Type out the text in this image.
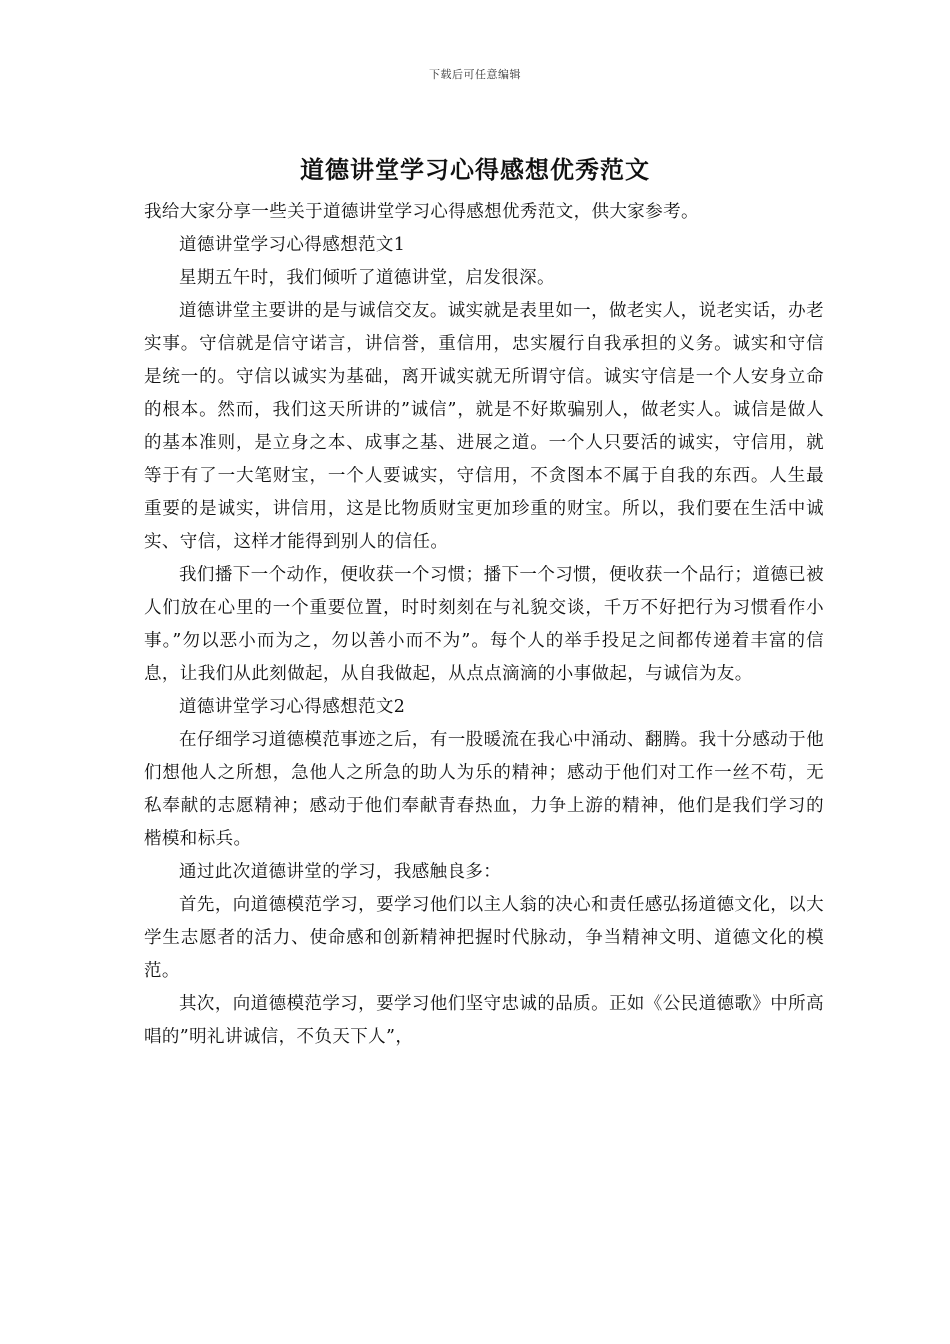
下载后可任意编辑
道德讲堂学习心得感想优秀范文

我给大家分享一些关于道德讲堂学习心得感想优秀范文，供大家参考。

道德讲堂学习心得感想范文1

星期五午时，我们倾听了道德讲堂，启发很深。

道德讲堂主要讲的是与诚信交友。诚实就是表里如一，做老实人，说老实话，办老实事。守信就是信守诺言，讲信誉，重信用，忠实履行自我承担的义务。诚实和守信是统一的。守信以诚实为基础，离开诚实就无所谓守信。诚实守信是一个人安身立命的根本。然而，我们这天所讲的”诚信”，就是不好欺骗别人，做老实人。诚信是做人的基本准则，是立身之本、成事之基、进展之道。一个人只要活的诚实，守信用，就等于有了一大笔财宝，一个人要诚实，守信用，不贪图本不属于自我的东西。人生最重要的是诚实，讲信用，这是比物质财宝更加珍重的财宝。所以，我们要在生活中诚实、守信，这样才能得到别人的信任。

我们播下一个动作，便收获一个习惯；播下一个习惯，便收获一个品行；道德已被人们放在心里的一个重要位置，时时刻刻在与礼貌交谈，千万不好把行为习惯看作小事。”勿以恶小而为之，勿以善小而不为”。每个人的举手投足之间都传递着丰富的信息，让我们从此刻做起，从自我做起，从点点滴滴的小事做起，与诚信为友。

道德讲堂学习心得感想范文2

在仔细学习道德模范事迹之后，有一股暖流在我心中涌动、翻腾。我十分感动于他们想他人之所想，急他人之所急的助人为乐的精神；感动于他们对工作一丝不苟，无私奉献的志愿精神；感动于他们奉献青春热血，力争上游的精神，他们是我们学习的楷模和标兵。

通过此次道德讲堂的学习，我感触良多：

首先，向道德模范学习，要学习他们以主人翁的决心和责任感弘扬道德文化，以大学生志愿者的活力、使命感和创新精神把握时代脉动，争当精神文明、道德文化的模范。

其次，向道德模范学习，要学习他们坚守忠诚的品质。正如《公民道德歌》中所高唱的”明礼讲诚信，不负天下人”，
